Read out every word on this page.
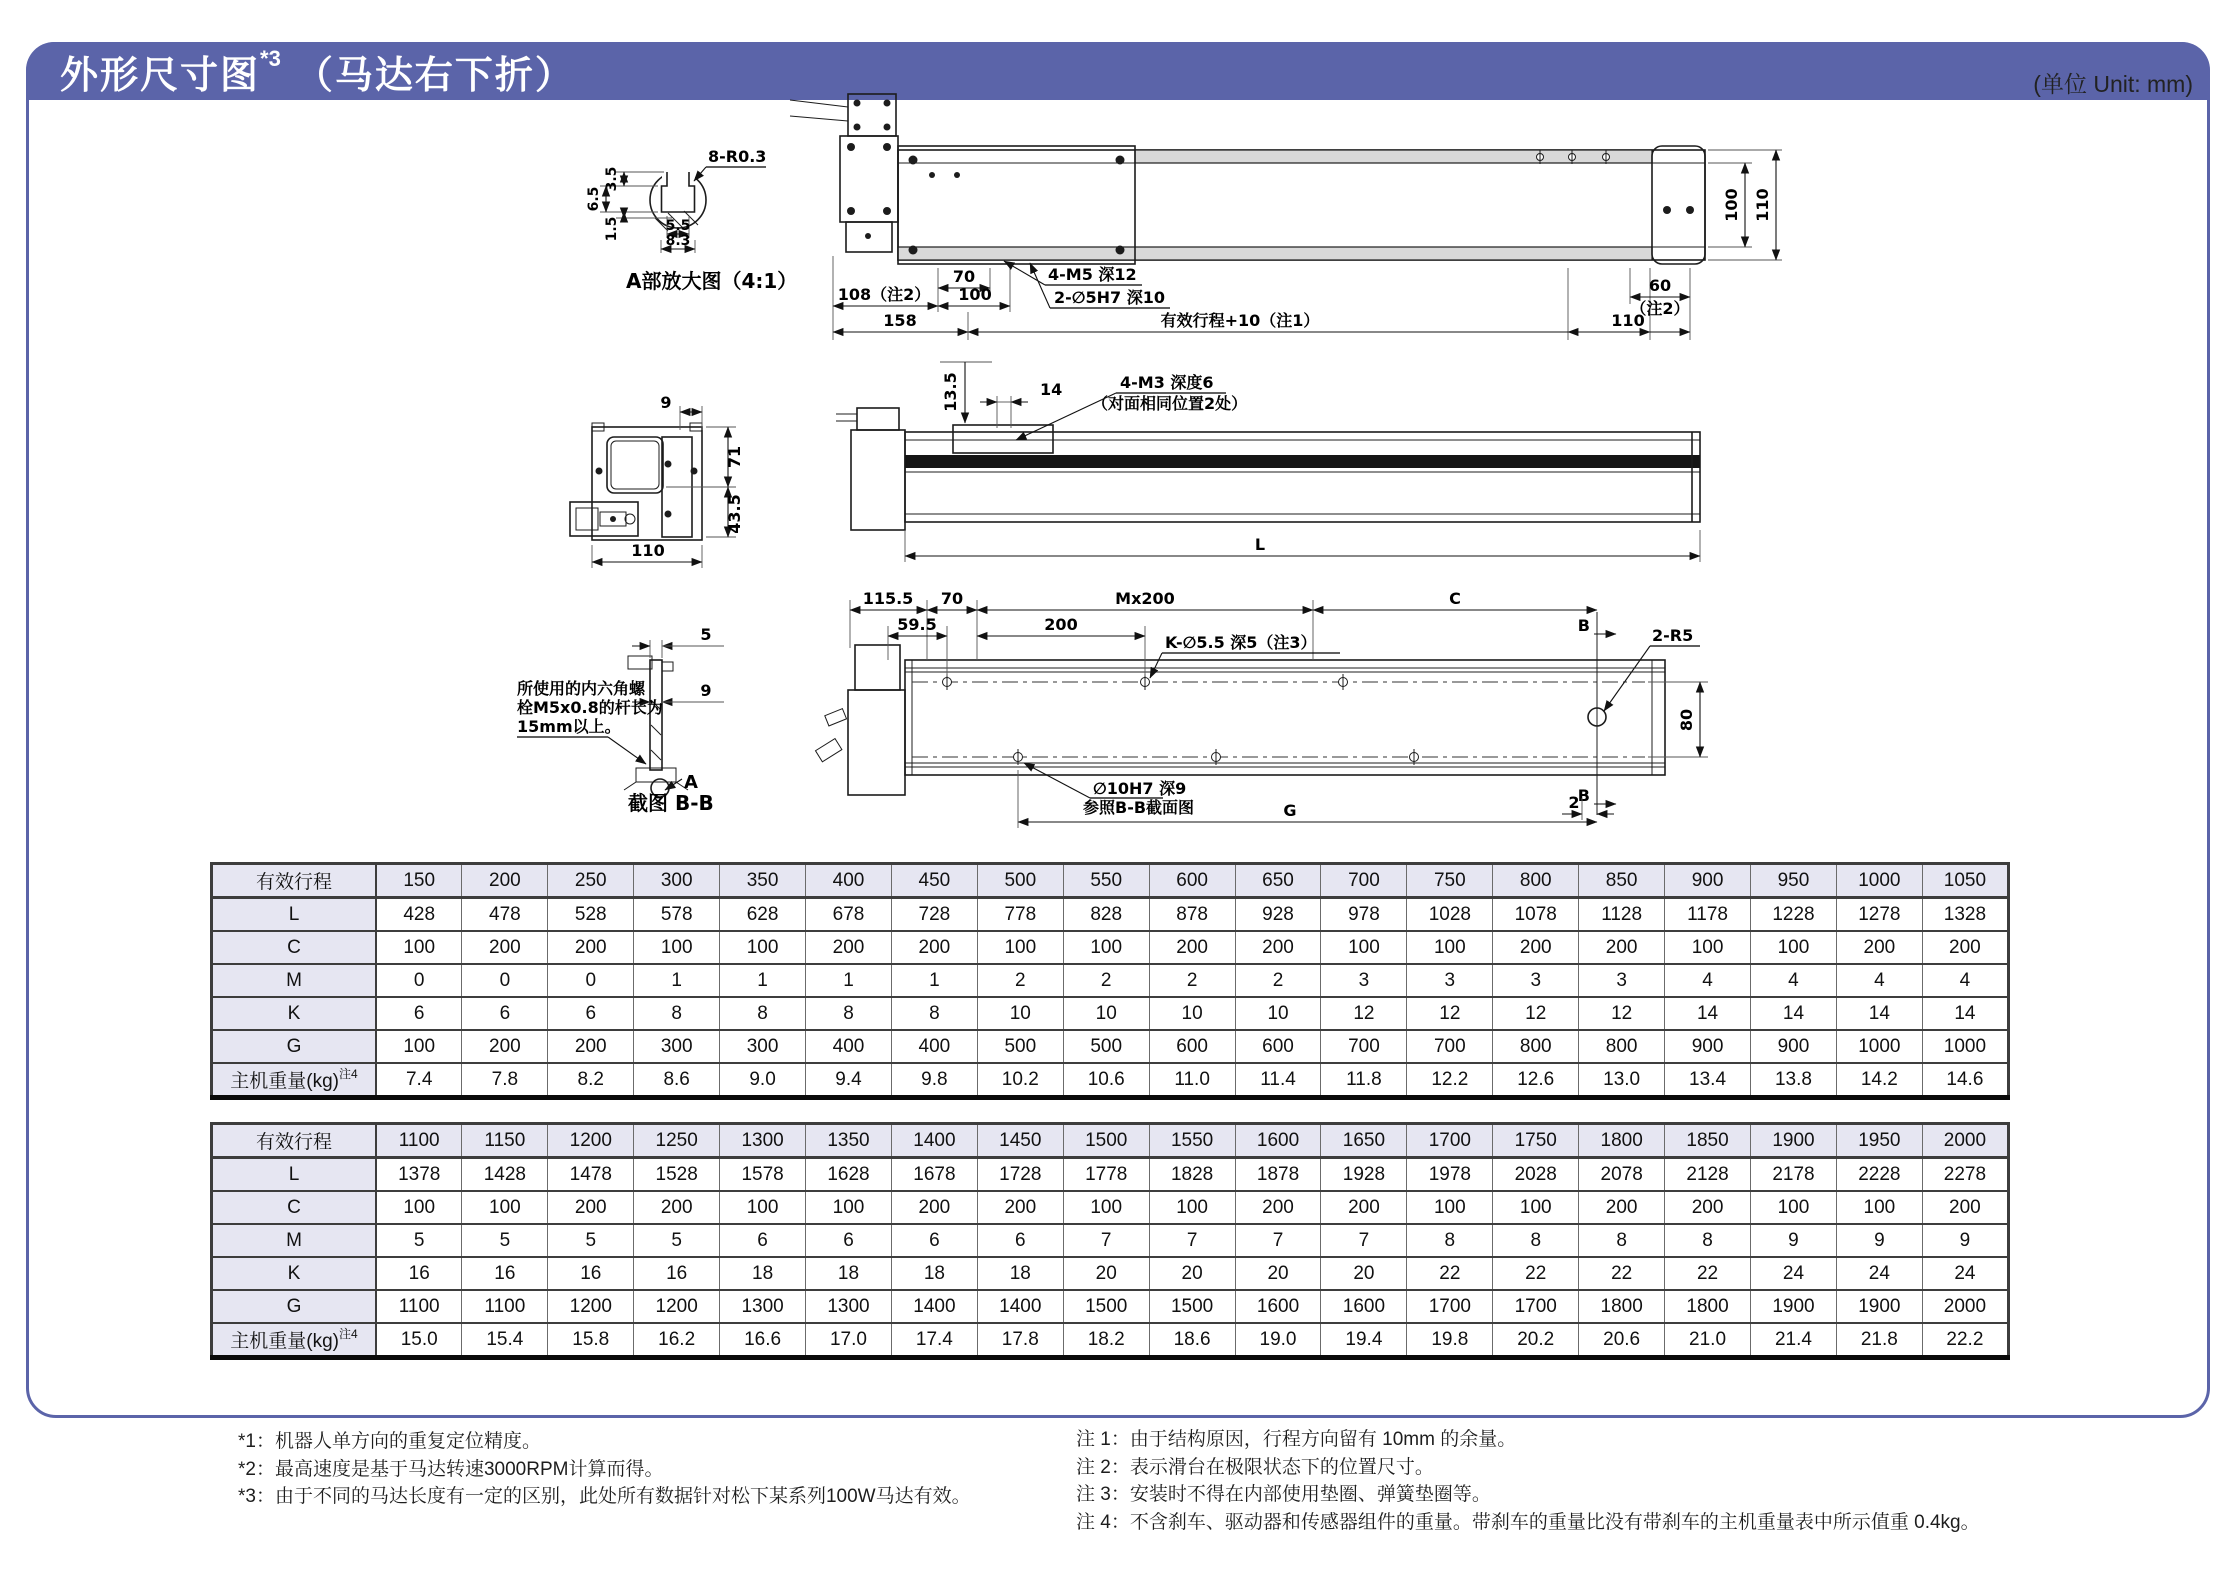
外形尺寸图$^{*3}$ （马达右下折）	(单位 Unit: mm)
70
100
108（注2）
158	有效行程+10（注1）
60
（注2）
110
100 110
4-M5 深12
2-∅5H7 深10
3.5
6.5
1.5	5.5
8.3
8-R0.3
A部放大图（4:1）
9
71
43.5
110
13.5	14	4-M3 深度6
（对面相同位置2处）
L
5
9
所使用的内六角螺
栓M5x0.8的杆长为
15mm以上。
A
截图 B-B
B
B
115.5 70	Mx200	C
59.5	200
K-∅5.5 深5（注3）	2-R5
80
2
∅10H7 深9
参照B-B截面图	G
有效行程	150	200	250	300	350	400	450	500	550	600	650	700	750	800	850	900	950	1000	1050
L	428	478	528	578	628	678	728	778	828	878	928	978	1028	1078	1128	1178	1228	1278	1328
C	100	200	200	100	100	200	200	100	100	200	200	100	100	200	200	100	100	200	200
M	0	0	0	1	1	1	1	2	2	2	2	3	3	3	3	4	4	4	4
K	6	6	6	8	8	8	8	10	10	10	10	12	12	12	12	14	14	14	14
G	100	200	200	300	300	400	400	500	500	600	600	700	700	800	800	900	900	1000	1000
主机重量(kg)$^{注4}$	7.4	7.8	8.2	8.6	9.0	9.4	9.8	10.2	10.6	11.0	11.4	11.8	12.2	12.6	13.0	13.4	13.8	14.2	14.6
有效行程	1100	1150	1200	1250	1300	1350	1400	1450	1500	1550	1600	1650	1700	1750	1800	1850	1900	1950	2000
L	1378	1428	1478	1528	1578	1628	1678	1728	1778	1828	1878	1928	1978	2028	2078	2128	2178	2228	2278
C	100	100	200	200	100	100	200	200	100	100	200	200	100	100	200	200	100	100	200
M	5	5	5	5	6	6	6	6	7	7	7	7	8	8	8	8	9	9	9
K	16	16	16	16	18	18	18	18	20	20	20	20	22	22	22	22	24	24	24
G	1100	1100	1200	1200	1300	1300	1400	1400	1500	1500	1600	1600	1700	1700	1800	1800	1900	1900	2000
主机重量(kg)$^{注4}$	15.0	15.4	15.8	16.2	16.6	17.0	17.4	17.8	18.2	18.6	19.0	19.4	19.8	20.2	20.6	21.0	21.4	21.8	22.2
*1：机器人单方向的重复定位精度。
*2：最高速度是基于马达转速3000RPM计算而得。
*3：由于不同的马达长度有一定的区别，此处所有数据针对松下某系列100W马达有效。
注 1：由于结构原因，行程方向留有 10mm 的余量。
注 2：表示滑台在极限状态下的位置尺寸。
注 3：安装时不得在内部使用垫圈、弹簧垫圈等。
注 4：不含刹车、驱动器和传感器组件的重量。带刹车的重量比没有带刹车的主机重量表中所示值重 0.4kg。
